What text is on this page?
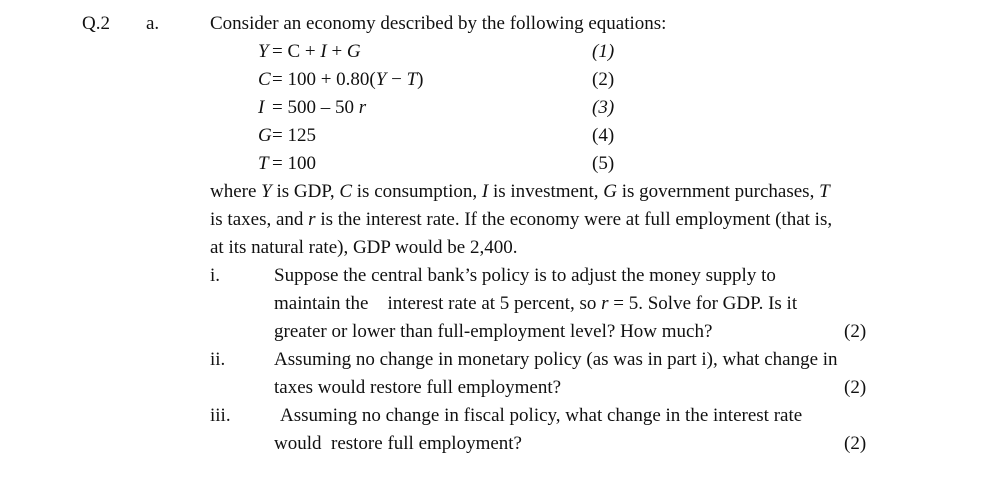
Q.2 a.	Consider an economy described by the following equations:
Y = C + I + G	(1)
C = 100 + 0.80(Y − T)	(2)
I = 500 – 50 r	(3)
G = 125	(4)
T = 100	(5)
where Y is GDP, C is consumption, I is investment, G is government purchases, T
is taxes, and r is the interest rate. If the economy were at full employment (that is,
at its natural rate), GDP would be 2,400.
i.	Suppose the central bank’s policy is to adjust the money supply to
maintain the    interest rate at 5 percent, so r = 5. Solve for GDP. Is it
greater or lower than full-employment level? How much?	(2)
ii.	Assuming no change in monetary policy (as was in part i), what change in
taxes would restore full employment?	(2)
iii.	Assuming no change in fiscal policy, what change in the interest rate
would  restore full employment?	(2)
